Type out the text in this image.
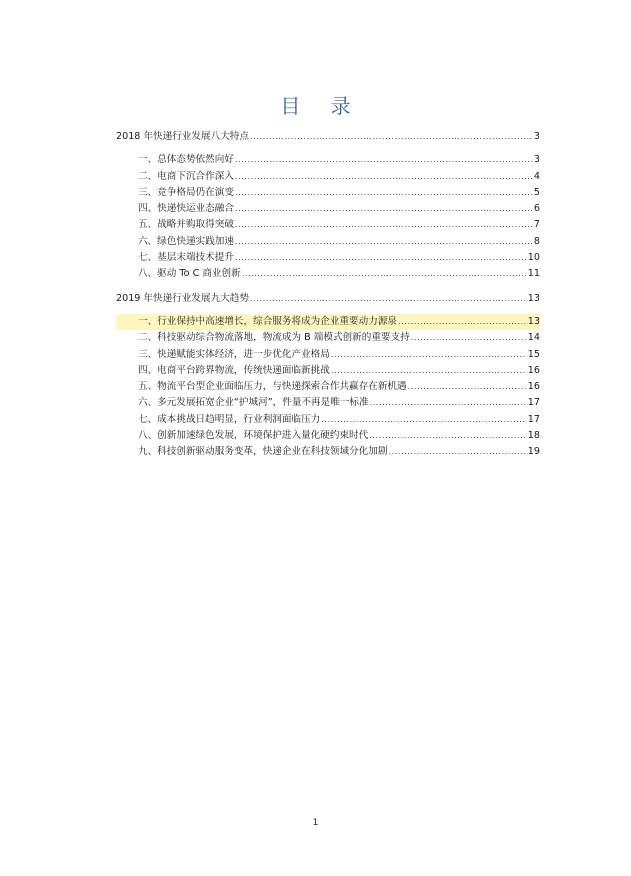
目 录
2018 年快递行业发展八大特点 .....	3
一、总体态势依然向好 .....	3
二、电商下沉合作深入 .....	4
三、竞争格局仍在演变 .....	5
四、快递快运业态融合 .....	6
五、战略并购取得突破 .....	7
六、绿色快递实践加速 .....	8
七、基层末端技术提升 .....	10
八、驱动 To C 商业创新 .....	11
2019 年快递行业发展九大趋势 .....	13
一、行业保持中高速增长，综合服务将成为企业重要动力源泉 .....	13
二、科技驱动综合物流落地，物流成为 B 端模式创新的重要支持 .....	14
三、快递赋能实体经济，进一步优化产业格局 .....	15
四、电商平台跨界物流，传统快递面临新挑战 .....	16
五、物流平台型企业面临压力，与快递探索合作共赢存在新机遇 .....	16
六、多元发展拓宽企业“护城河”，件量不再是唯一标准 .....	17
七、成本挑战日趋明显，行业利润面临压力 .....	17
八、创新加速绿色发展，环境保护进入量化硬约束时代 .....	18
九、科技创新驱动服务变革，快递企业在科技领域分化加剧 .....	19
1
